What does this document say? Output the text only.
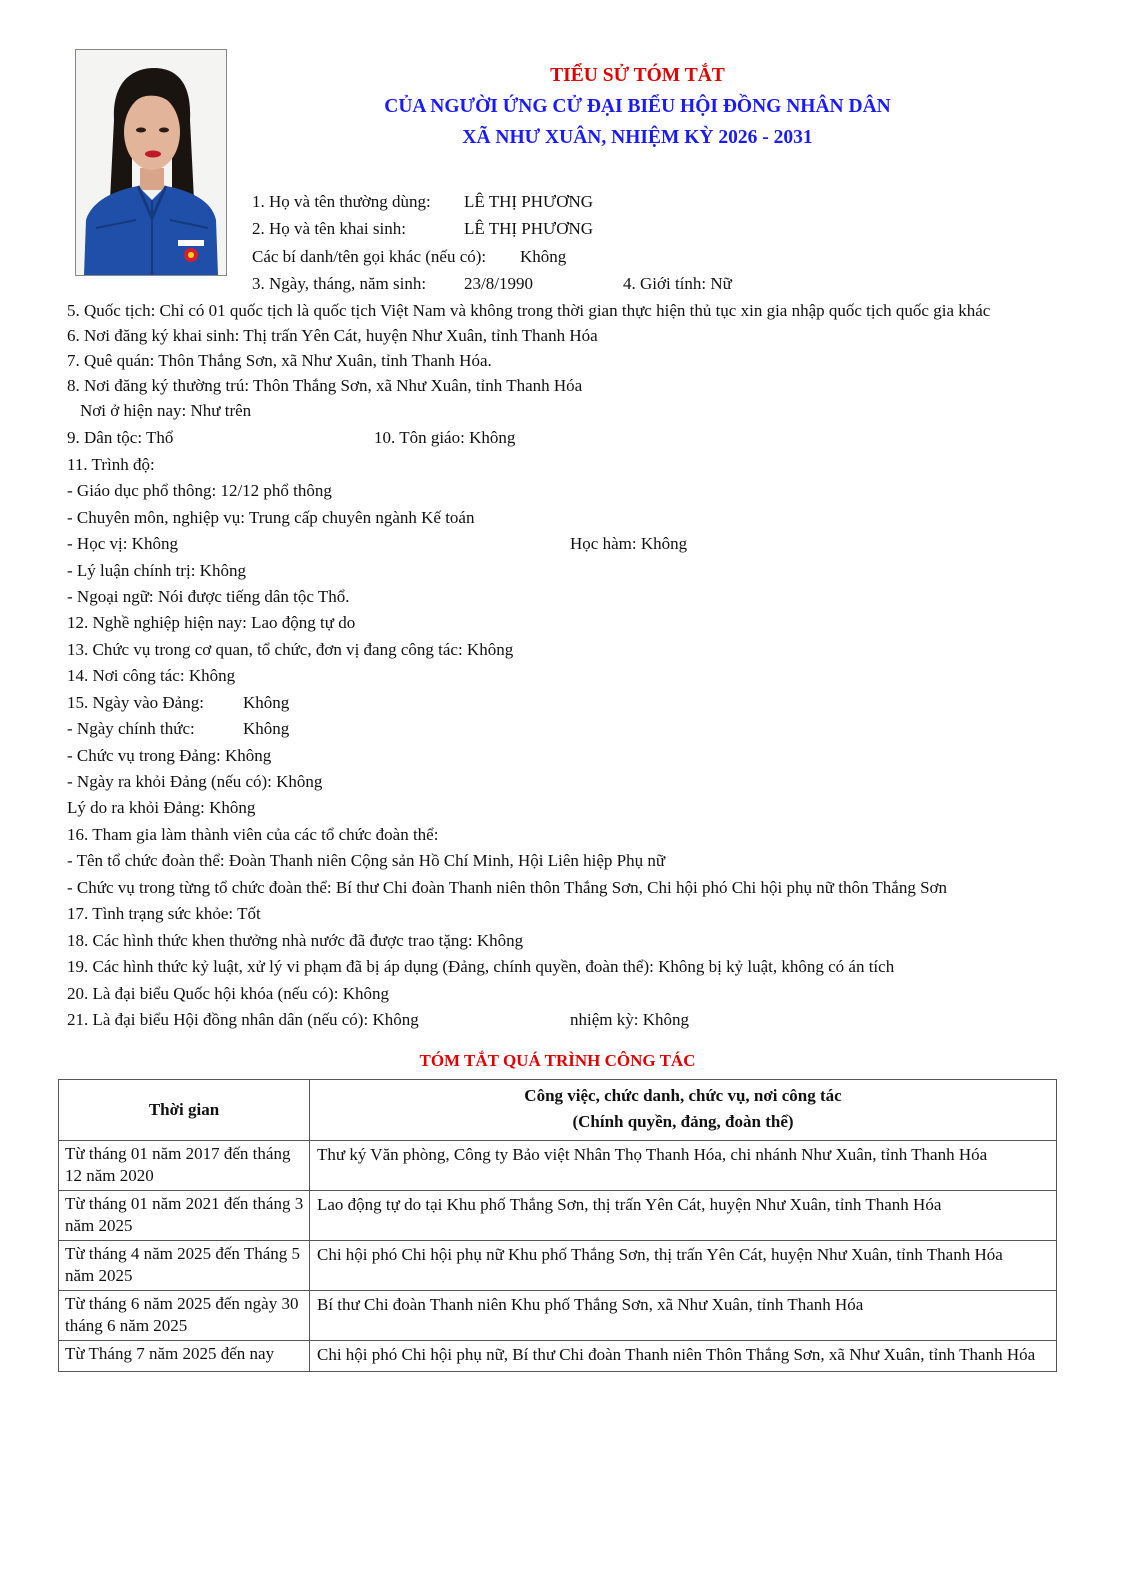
TIỂU SỬ TÓM TẮT
CỦA NGƯỜI ỨNG CỬ ĐẠI BIỂU HỘI ĐỒNG NHÂN DÂN
XÃ NHƯ XUÂN, NHIỆM KỲ 2026 - 2031
1. Họ và tên thường dùng: LÊ THỊ PHƯƠNG
2. Họ và tên khai sinh:	LÊ THỊ PHƯƠNG
Các bí danh/tên gọi khác (nếu có): Không
3. Ngày, tháng, năm sinh: 23/8/1990	4. Giới tính: Nữ
5. Quốc tịch: Chỉ có 01 quốc tịch là quốc tịch Việt Nam và không trong thời gian thực hiện thủ tục xin gia nhập quốc tịch quốc gia khác
6. Nơi đăng ký khai sinh: Thị trấn Yên Cát, huyện Như Xuân, tỉnh Thanh Hóa
7. Quê quán: Thôn Thắng Sơn, xã Như Xuân, tỉnh Thanh Hóa.
8. Nơi đăng ký thường trú: Thôn Thắng Sơn, xã Như Xuân, tỉnh Thanh Hóa
Nơi ở hiện nay: Như trên
9. Dân tộc: Thổ	10. Tôn giáo: Không
11. Trình độ:
- Giáo dục phổ thông: 12/12 phổ thông
- Chuyên môn, nghiệp vụ: Trung cấp chuyên ngành Kế toán
- Học vị: Không	Học hàm: Không
- Lý luận chính trị: Không
- Ngoại ngữ: Nói được tiếng dân tộc Thổ.
12. Nghề nghiệp hiện nay: Lao động tự do
13. Chức vụ trong cơ quan, tổ chức, đơn vị đang công tác: Không
14. Nơi công tác: Không
15. Ngày vào Đảng: Không
- Ngày chính thức:	Không
- Chức vụ trong Đảng: Không
- Ngày ra khỏi Đảng (nếu có): Không
Lý do ra khỏi Đảng: Không
16. Tham gia làm thành viên của các tổ chức đoàn thể:
- Tên tổ chức đoàn thể: Đoàn Thanh niên Cộng sản Hồ Chí Minh, Hội Liên hiệp Phụ nữ
- Chức vụ trong từng tổ chức đoàn thể: Bí thư Chi đoàn Thanh niên thôn Thắng Sơn, Chi hội phó Chi hội phụ nữ thôn Thắng Sơn
17. Tình trạng sức khỏe: Tốt
18. Các hình thức khen thưởng nhà nước đã được trao tặng: Không
19. Các hình thức kỷ luật, xử lý vi phạm đã bị áp dụng (Đảng, chính quyền, đoàn thể): Không bị kỷ luật, không có án tích
20. Là đại biểu Quốc hội khóa (nếu có): Không
21. Là đại biểu Hội đồng nhân dân (nếu có): Không	nhiệm kỳ: Không
TÓM TẮT QUÁ TRÌNH CÔNG TÁC
Thời gian	Công việc, chức danh, chức vụ, nơi công tác
(Chính quyền, đảng, đoàn thể)

Từ tháng 01 năm 2017 đến tháng 12 năm 2020	Thư ký Văn phòng, Công ty Bảo việt Nhân Thọ Thanh Hóa, chi nhánh Như Xuân, tỉnh Thanh Hóa
Từ tháng 01 năm 2021 đến tháng 3 năm 2025	Lao động tự do tại Khu phố Thắng Sơn, thị trấn Yên Cát, huyện Như Xuân, tỉnh Thanh Hóa
Từ tháng 4 năm 2025 đến Tháng 5 năm 2025	Chi hội phó Chi hội phụ nữ Khu phố Thắng Sơn, thị trấn Yên Cát, huyện Như Xuân, tỉnh Thanh Hóa
Từ tháng 6 năm 2025 đến ngày 30 tháng 6 năm 2025	Bí thư Chi đoàn Thanh niên Khu phố Thắng Sơn, xã Như Xuân, tỉnh Thanh Hóa
Từ Tháng 7 năm 2025 đến nay	Chi hội phó Chi hội phụ nữ, Bí thư Chi đoàn Thanh niên Thôn Thắng Sơn, xã Như Xuân, tỉnh Thanh Hóa
